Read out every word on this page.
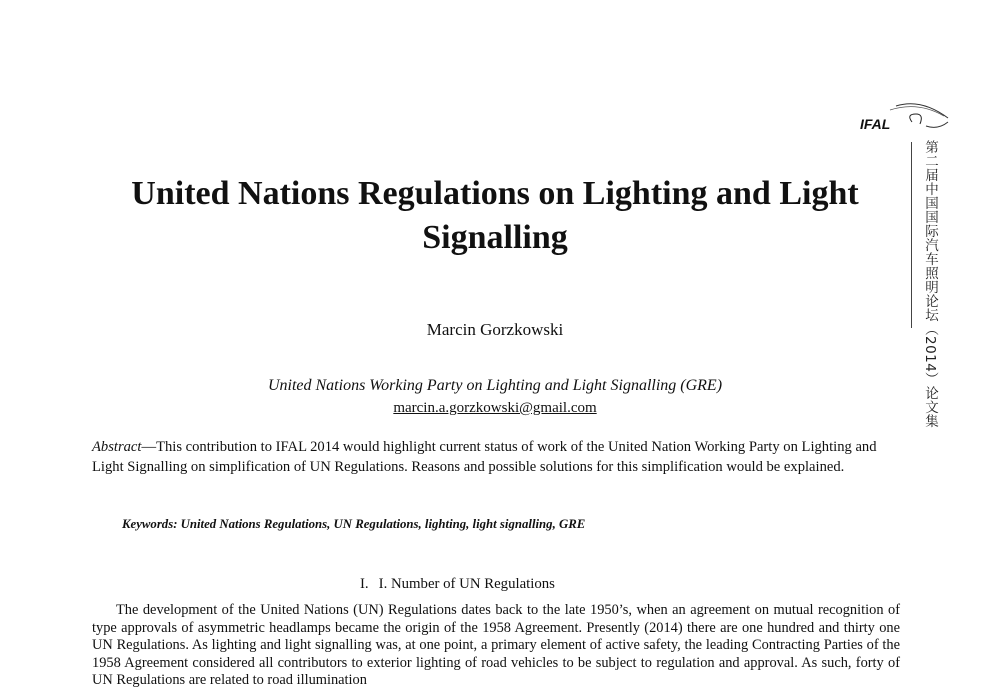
IFAL
第二届中国国际汽车照明论坛（2014）论文集
United Nations Regulations on Lighting and Light Signalling

Marcin Gorzkowski

United Nations Working Party on Lighting and Light Signalling (GRE)

marcin.a.gorzkowski@gmail.com

Abstract—This contribution to IFAL 2014 would highlight current status of work of the United Nation Working Party on Lighting and Light Signalling on simplification of UN Regulations. Reasons and possible solutions for this simplification would be explained.

Keywords: United Nations Regulations, UN Regulations, lighting, light signalling, GRE

I. I. Number of UN Regulations

The development of the United Nations (UN) Regulations dates back to the late 1950’s, when an agreement on mutual recognition of type approvals of asymmetric headlamps became the origin of the 1958 Agreement. Presently (2014) there are one hundred and thirty one UN Regulations. As lighting and light signalling was, at one point, a primary element of active safety, the leading Contracting Parties of the 1958 Agreement considered all contributors to exterior lighting of road vehicles to be subject to regulation and approval. As such, forty of UN Regulations are related to road illumination
